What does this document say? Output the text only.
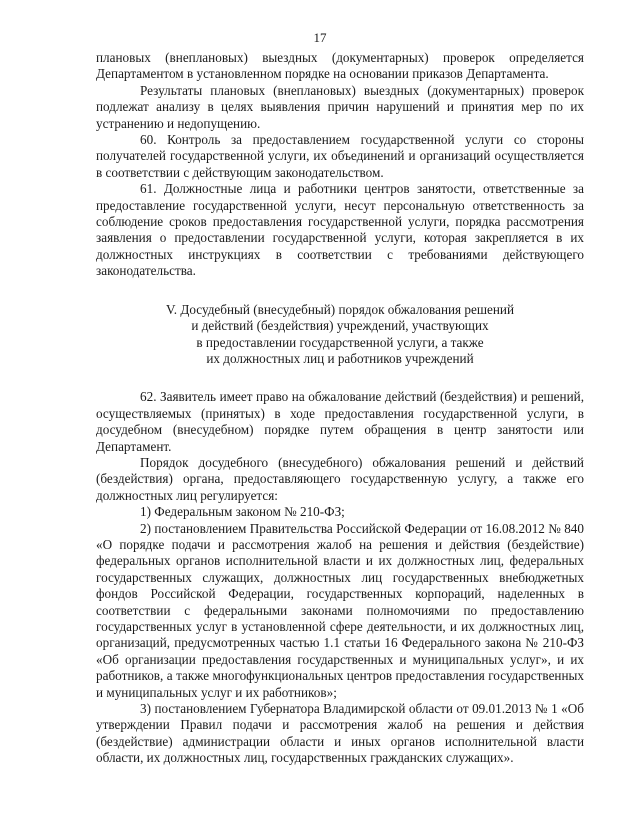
17

плановых (внеплановых) выездных (документарных) проверок определяется Департаментом в установленном порядке на основании приказов Департамента.

Результаты плановых (внеплановых) выездных (документарных) проверок подлежат анализу в целях выявления причин нарушений и принятия мер по их устранению и недопущению.

60. Контроль за предоставлением государственной услуги со стороны получателей государственной услуги, их объединений и организаций осуществляется в соответствии с действующим законодательством.

61. Должностные лица и работники центров занятости, ответственные за предоставление государственной услуги, несут персональную ответственность за соблюдение сроков предоставления государственной услуги, порядка рассмотрения заявления о предоставлении государственной услуги, которая закрепляется в их должностных инструкциях в соответствии с требованиями действующего законодательства.

V. Досудебный (внесудебный) порядок обжалования решений
и действий (бездействия) учреждений, участвующих
в предоставлении государственной услуги, а также
их должностных лиц и работников учреждений

62. Заявитель имеет право на обжалование действий (бездействия) и решений, осуществляемых (принятых) в ходе предоставления государственной услуги, в досудебном (внесудебном) порядке путем обращения в центр занятости или Департамент.

Порядок досудебного (внесудебного) обжалования решений и действий (бездействия) органа, предоставляющего государственную услугу, а также его должностных лиц регулируется:

1) Федеральным законом № 210-ФЗ;

2) постановлением Правительства Российской Федерации от 16.08.2012 № 840 «О порядке подачи и рассмотрения жалоб на решения и действия (бездействие) федеральных органов исполнительной власти и их должностных лиц, федеральных государственных служащих, должностных лиц государственных внебюджетных фондов Российской Федерации, государственных корпораций, наделенных в соответствии с федеральными законами полномочиями по предоставлению государственных услуг в установленной сфере деятельности, и их должностных лиц, организаций, предусмотренных частью 1.1 статьи 16 Федерального закона № 210-ФЗ «Об организации предоставления государственных и муниципальных услуг», и их работников, а также многофункциональных центров предоставления государственных и муниципальных услуг и их работников»;

3) постановлением Губернатора Владимирской области от 09.01.2013 № 1 «Об утверждении Правил подачи и рассмотрения жалоб на решения и действия (бездействие) администрации области и иных органов исполнительной власти области, их должностных лиц, государственных гражданских служащих».
